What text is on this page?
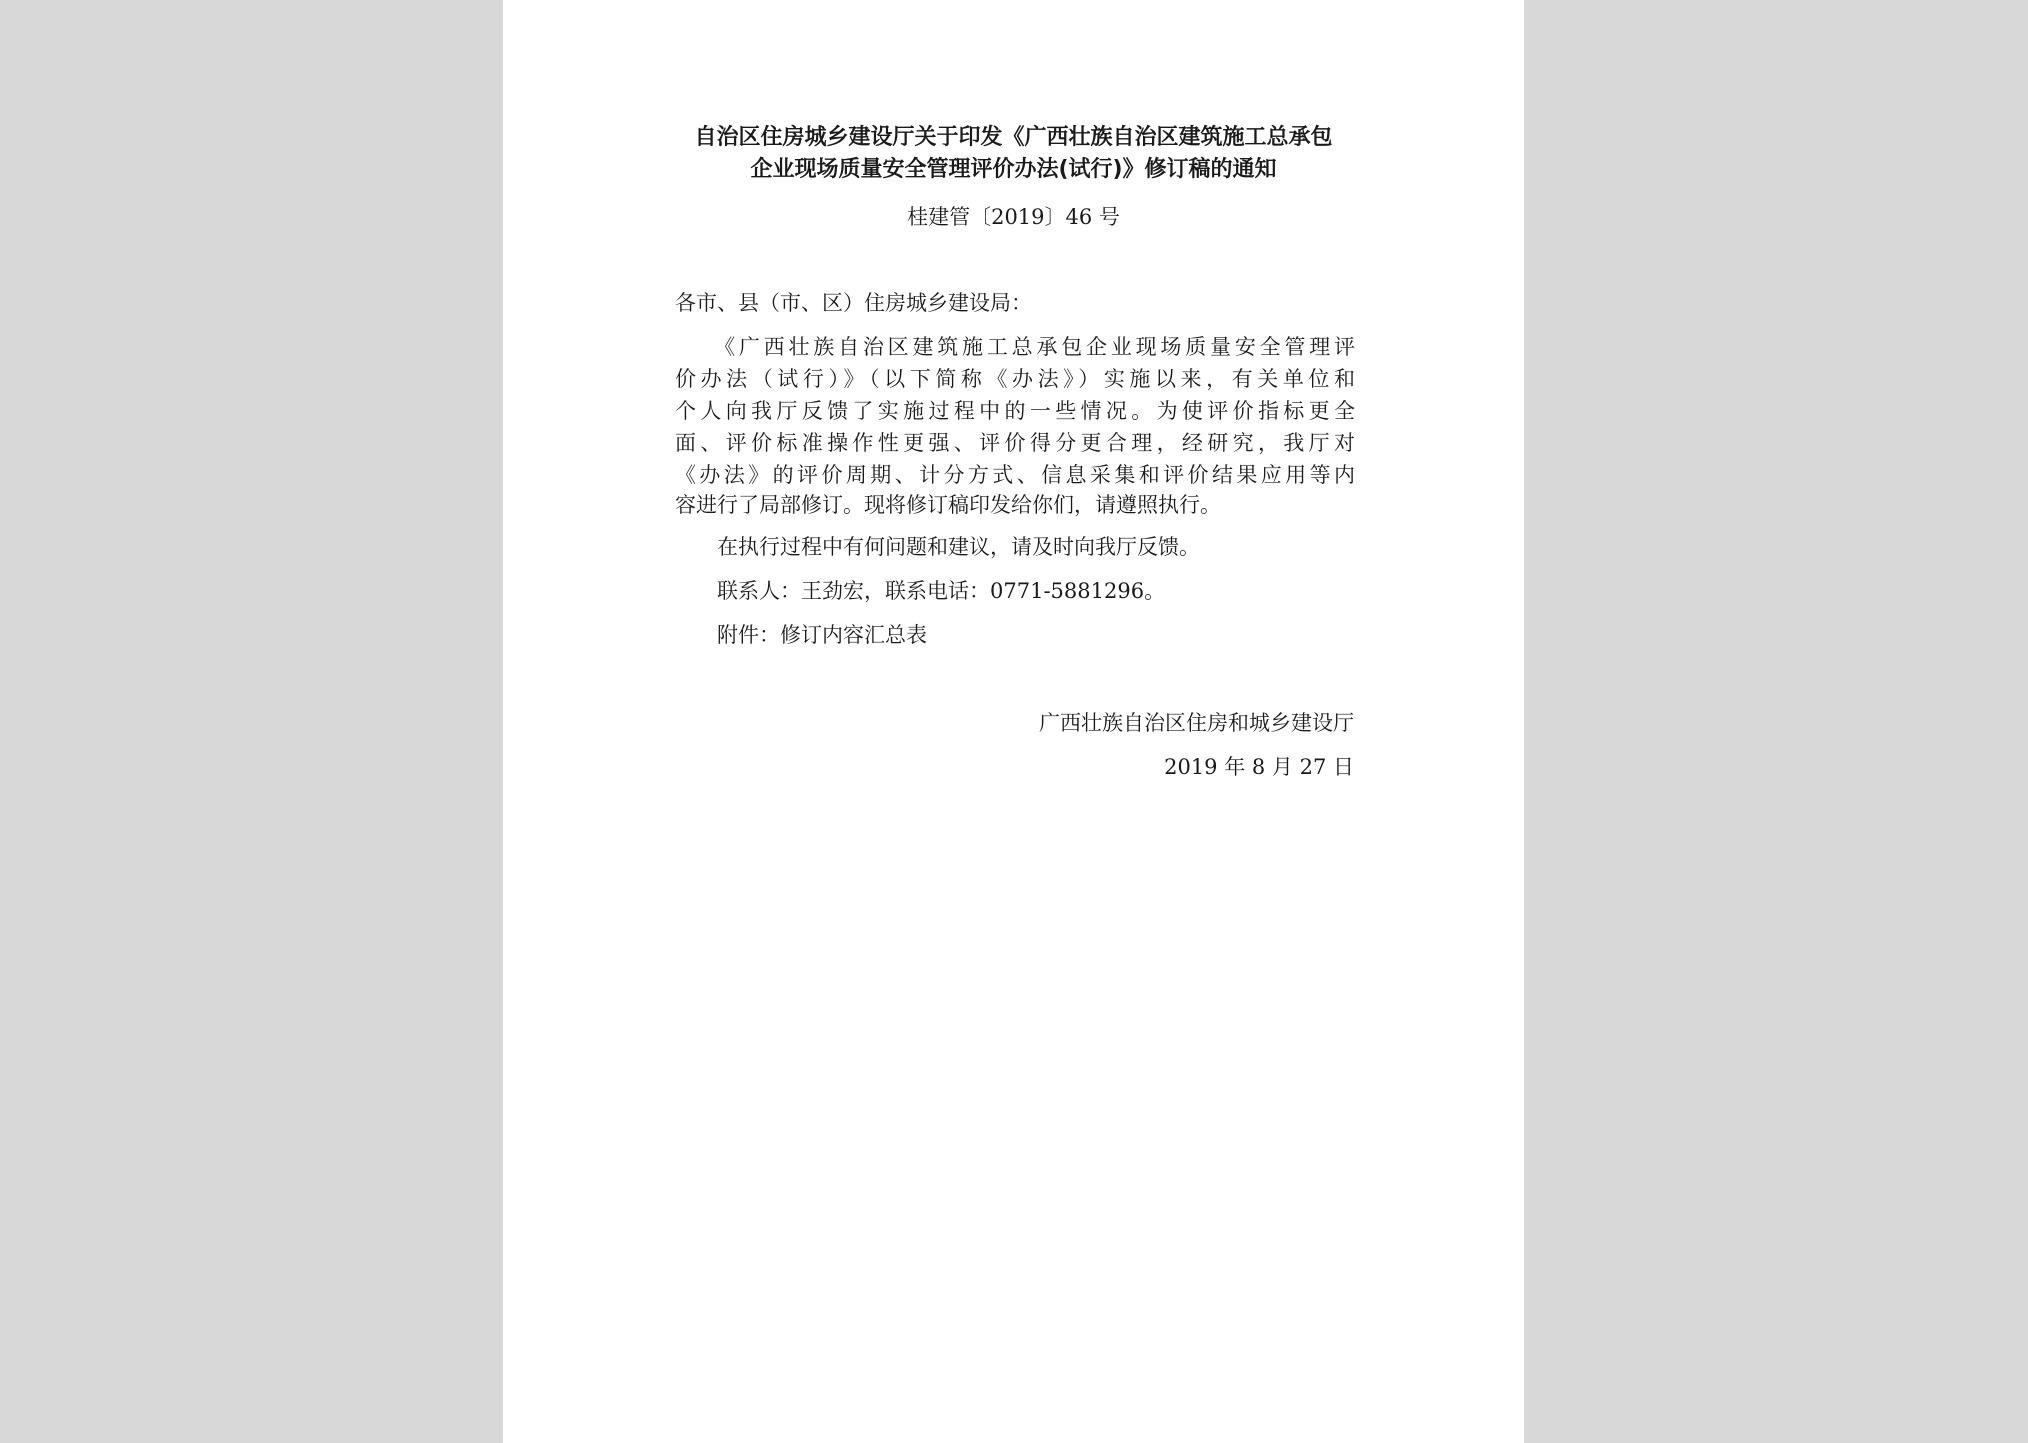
自治区住房城乡建设厅关于印发《广西壮族自治区建筑施工总承包
企业现场质量安全管理评价办法(试行)》修订稿的通知
桂建管〔2019〕46 号

各市、县（市、区）住房城乡建设局：

　　《广西壮族自治区建筑施工总承包企业现场质量安全管理评

价办法（试行）》（以下简称《办法》）实施以来，有关单位和

个人向我厅反馈了实施过程中的一些情况。为使评价指标更全

面、评价标准操作性更强、评价得分更合理，经研究，我厅对

《办法》的评价周期、计分方式、信息采集和评价结果应用等内

容进行了局部修订。现将修订稿印发给你们，请遵照执行。

　　在执行过程中有何问题和建议，请及时向我厅反馈。

　　联系人：王劲宏，联系电话：0771-5881296。

　　附件：修订内容汇总表

广西壮族自治区住房和城乡建设厅

2019 年 8 月 27 日
